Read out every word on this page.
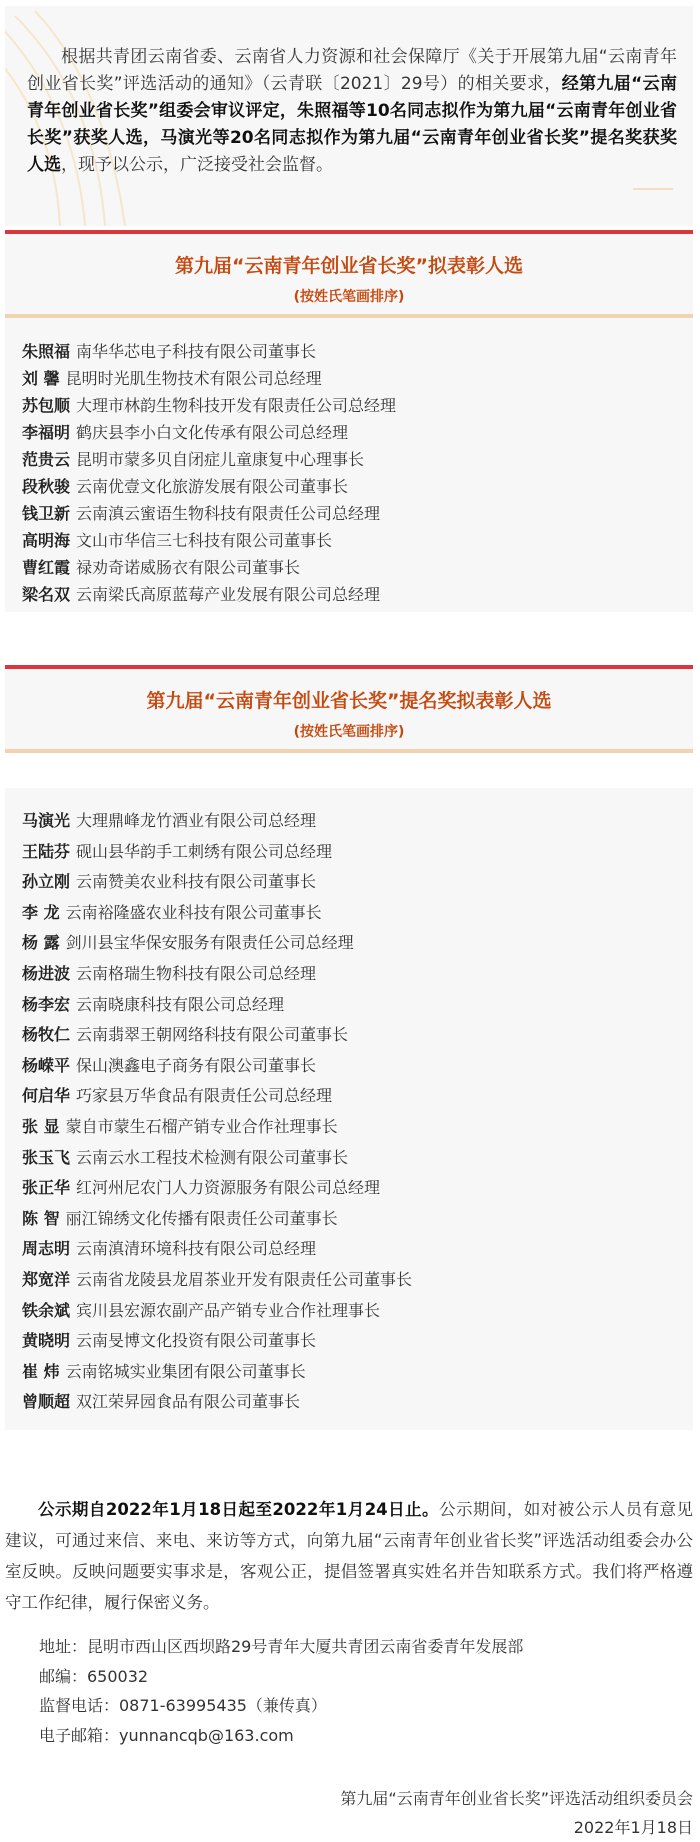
根据共青团云南省委、云南省人力资源和社会保障厅《关于开展第九届“云南青年创业省长奖”评选活动的通知》（云青联〔2021〕29号）的相关要求，经第九届“云南青年创业省长奖”组委会审议评定，朱照福等10名同志拟作为第九届“云南青年创业省长奖”获奖人选，马演光等20名同志拟作为第九届“云南青年创业省长奖”提名奖获奖人选，现予以公示，广泛接受社会监督。
第九届“云南青年创业省长奖”拟表彰人选
(按姓氏笔画排序)
朱照福 南华华芯电子科技有限公司董事长
刘 馨 昆明时光肌生物技术有限公司总经理
苏包顺 大理市林韵生物科技开发有限责任公司总经理
李福明 鹤庆县李小白文化传承有限公司总经理
范贵云 昆明市蒙多贝自闭症儿童康复中心理事长
段秋骏 云南优壹文化旅游发展有限公司董事长
钱卫新 云南滇云蜜语生物科技有限责任公司总经理
高明海 文山市华信三七科技有限公司董事长
曹红霞 禄劝奇诺威肠衣有限公司董事长
梁名双 云南梁氏高原蓝莓产业发展有限公司总经理
第九届“云南青年创业省长奖”提名奖拟表彰人选
(按姓氏笔画排序)
马演光 大理鼎峰龙竹酒业有限公司总经理
王陆芬 砚山县华韵手工刺绣有限公司总经理
孙立刚 云南赞美农业科技有限公司董事长
李 龙 云南裕隆盛农业科技有限公司董事长
杨 露 剑川县宝华保安服务有限责任公司总经理
杨进波 云南格瑞生物科技有限公司总经理
杨李宏 云南晓康科技有限公司总经理
杨牧仁 云南翡翠王朝网络科技有限公司董事长
杨嵘平 保山澳鑫电子商务有限公司董事长
何启华 巧家县万华食品有限责任公司总经理
张 显 蒙自市蒙生石榴产销专业合作社理事长
张玉飞 云南云水工程技术检测有限公司董事长
张正华 红河州尼农门人力资源服务有限公司总经理
陈 智 丽江锦绣文化传播有限责任公司董事长
周志明 云南滇清环境科技有限公司总经理
郑宽洋 云南省龙陵县龙眉茶业开发有限责任公司董事长
铁余斌 宾川县宏源农副产品产销专业合作社理事长
黄晓明 云南旻博文化投资有限公司董事长
崔 炜 云南铭城实业集团有限公司董事长
曾顺超 双江荣昇园食品有限公司董事长
公示期自2022年1月18日起至2022年1月24日止。公示期间，如对被公示人员有意见建议，可通过来信、来电、来访等方式，向第九届“云南青年创业省长奖”评选活动组委会办公室反映。反映问题要实事求是，客观公正，提倡签署真实姓名并告知联系方式。我们将严格遵守工作纪律，履行保密义务。
地址：昆明市西山区西坝路29号青年大厦共青团云南省委青年发展部
邮编：650032
监督电话：0871-63995435（兼传真）
电子邮箱：yunnancqb@163.com
第九届“云南青年创业省长奖”评选活动组织委员会
2022年1月18日
